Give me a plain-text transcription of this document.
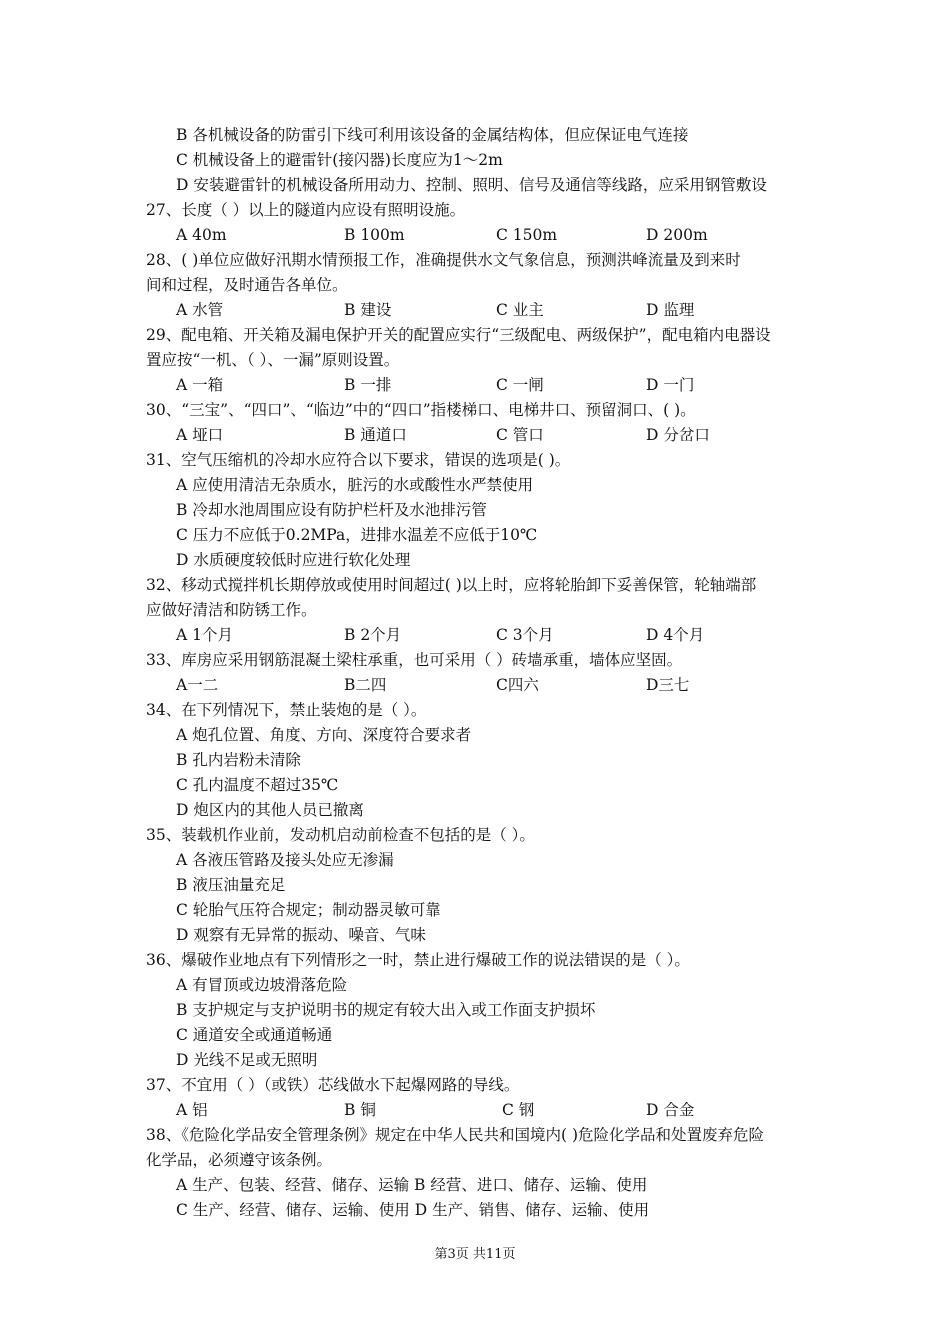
B 各机械设备的防雷引下线可利用该设备的金属结构体，但应保证电气连接
C 机械设备上的避雷针(接闪器)长度应为1～2m
D 安装避雷针的机械设备所用动力、控制、照明、信号及通信等线路，应采用钢管敷设
27、长度（ ）以上的隧道内应设有照明设施。
A 40m	B 100m	C 150m	D 200m
28、( )单位应做好汛期水情预报工作，准确提供水文气象信息，预测洪峰流量及到来时
间和过程，及时通告各单位。
A 水管	B 建设	C 业主	D 监理
29、配电箱、开关箱及漏电保护开关的配置应实行“三级配电、两级保护”，配电箱内电器设
置应按“一机、（ ）、一漏”原则设置。
A 一箱	B 一排	C 一闸	D 一门
30、“三宝”、“四口”、“临边”中的“四口”指楼梯口、电梯井口、预留洞口、( )。
A 垭口	B 通道口	C 管口	D 分岔口
31、空气压缩机的冷却水应符合以下要求，错误的选项是( )。
A 应使用清洁无杂质水，脏污的水或酸性水严禁使用
B 冷却水池周围应设有防护栏杆及水池排污管
C 压力不应低于0.2MPa，进排水温差不应低于10℃
D 水质硬度较低时应进行软化处理
32、移动式搅拌机长期停放或使用时间超过( )以上时，应将轮胎卸下妥善保管，轮轴端部
应做好清洁和防锈工作。
A 1个月	B 2个月	C 3个月	D 4个月
33、库房应采用钢筋混凝土梁柱承重，也可采用（ ）砖墙承重，墙体应坚固。
A一二	B二四	C四六	D三七
34、在下列情况下，禁止装炮的是（ ）。
A 炮孔位置、角度、方向、深度符合要求者
B 孔内岩粉未清除
C 孔内温度不超过35℃
D 炮区内的其他人员已撤离
35、装载机作业前，发动机启动前检查不包括的是（ ）。
A 各液压管路及接头处应无渗漏
B 液压油量充足
C 轮胎气压符合规定；制动器灵敏可靠
D 观察有无异常的振动、噪音、气味
36、爆破作业地点有下列情形之一时，禁止进行爆破工作的说法错误的是（ ）。
A 有冒顶或边坡滑落危险
B 支护规定与支护说明书的规定有较大出入或工作面支护损坏
C 通道安全或通道畅通
D 光线不足或无照明
37、不宜用（ ）（或铁）芯线做水下起爆网路的导线。
A 铝	B 铜	C 钢	D 合金
38、《危险化学品安全管理条例》规定在中华人民共和国境内( )危险化学品和处置废弃危险
化学品，必须遵守该条例。
A 生产、包装、经营、储存、运输 B 经营、进口、储存、运输、使用
C 生产、经营、储存、运输、使用 D 生产、销售、储存、运输、使用
第3页 共11页
